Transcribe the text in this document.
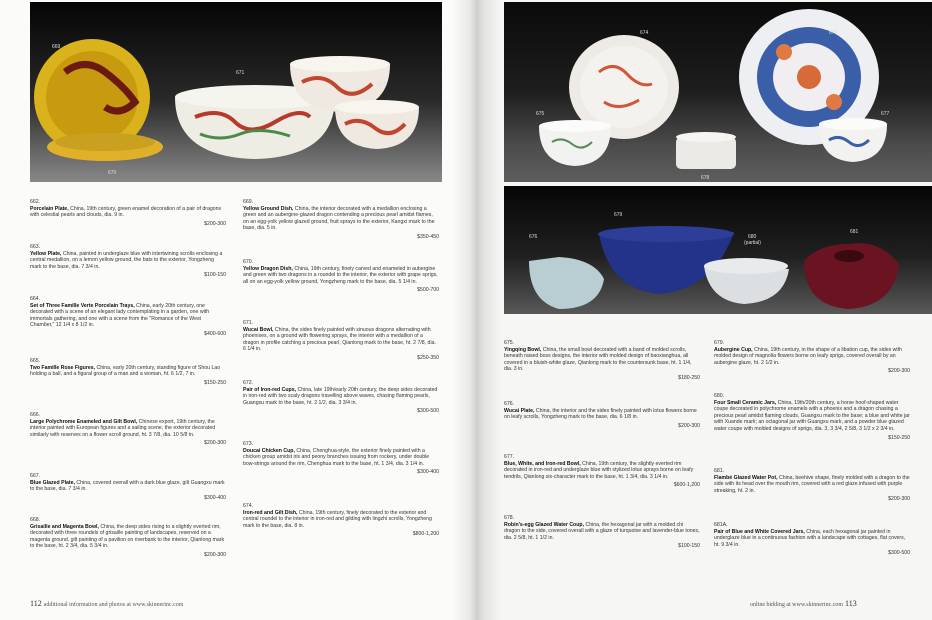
669
671
672
670
662.
Porcelain Plate, China, 19th century, green enamel decoration of a pair of dragons with celestial pearls and clouds, dia. 9 in.
$200-300
663.
Yellow Plate, China, painted in underglaze blue with intertwining scrolls enclosing a central medallion, on a lemon yellow ground, the bats to the exterior, Yongzheng mark to the base, dia. 7 3/4 in.
$100-150
664.
Set of Three Famille Verte Porcelain Trays, China, early 20th century, one decorated with a scene of an elegant lady contemplating in a garden, one with immortals gathering, and one with a scene from the "Romance of the West Chamber," 12 1/4 x 8 1/2 in.
$400-600
665.
Two Famille Rose Figures, China, early 20th century, standing figure of Shou Lao holding a ball, and a figural group of a man and a woman, ht. 6 1/2, 7 in.
$150-250
666.
Large Polychrome Enameled and Gilt Bowl, Chinese export, 19th century, the interior painted with European figures and a sailing scene, the exterior decorated similarly with reserves on a flower scroll ground, ht. 3 7/8, dia. 10 5/8 in.
$200-300
667.
Blue Glazed Plate, China, covered overall with a dark blue glaze, gilt Guangxu mark to the base, dia. 7 3/4 in.
$300-400
668.
Grisaille and Magenta Bowl, China, the deep sides rising to a slightly everted rim, decorated with three roundels of grisaille painting of landscapes, reserved on a magenta ground, gilt painting of a pavilion on riverbank to the interior, Qianlong mark to the base, ht. 2 3/4, dia. 5 3/4 in.
$200-300
669.
Yellow Ground Dish, China, the interior decorated with a medallion enclosing a green and an aubergine-glazed dragon contending a precious pearl amidst flames, on an egg-yolk yellow glazed ground, fruit sprays to the exterior, Kangxi mark to the base, dia. 5 in.
$350-450
670.
Yellow Dragon Dish, China, 19th century, finely carved and enameled in aubergine and green with two dragons in a roundel to the interior, the exterior with grape sprigs, all on an egg-yolk yellow ground, Yongzheng mark to the base, dia. 5 1/4 in.
$500-700
671.
Wucai Bowl, China, the sides finely painted with sinuous dragons alternating with phoenixes, on a ground with flowering sprays, the interior with a medallion of a dragon in profile catching a precious pearl, Qianlong mark to the base, ht. 2 7/8, dia. 6 1/4 in.
$250-350
672.
Pair of Iron-red Cups, China, late 19th/early 20th century, the deep sides decorated in iron-red with two scaly dragons travelling above waves, chasing flaming pearls, Guangxu mark to the base, ht. 2 1/2, dia. 3 3/4 in.
$300-500
673.
Doucai Chicken Cup, China, Chenghua-style, the exterior finely painted with a chicken group amidst iris and peony branches issuing from rockery, under double bow-strings around the rim, Chenghua mark to the base, ht. 1 3/4, dia. 3 1/4 in.
$300-400
674.
Iron-red and Gilt Dish, China, 19th century, finely decorated to the exterior and central roundel to the interior in iron-red and gilding with lingzhi scrolls, Yongzheng mark to the base, dia. 8 in.
$800-1,200
112 additional information and photos at www.skinnerinc.com
674	676
675	677
678
679
676	680
(partial)
681
675.
Yingqing Bowl, China, the small bowl decorated with a band of molded scrolls, beneath raised boss designs, the interior with molded design of baoxianghua, all covered in a bluish-white glaze, Qianlong mark to the countersunk base, ht. 1 1/4, dia. 3 in.
$180-250
676.
Wucai Plate, China, the interior and the sides finely painted with lotus flowers borne on leafy scrolls, Yongzheng mark to the base, dia. 6 1/8 in.
$200-300
677.
Blue, White, and Iron-red Bowl, China, 19th century, the slightly everted rim decorated in iron-red and underglaze blue with stylized lotus sprays borne on leafy tendrils, Qianlong six-character mark to the base, ht. 1 3/4, dia. 3 1/4 in.
$600-1,200
678.
Robin's-egg Glazed Water Coup, China, the hexagonal jar with a molded chi dragon to the side, covered overall with a glaze of turquoise and lavender-blue tones, dia. 2 5/8, ht. 1 1/2 in.
$100-150
679.
Aubergine Cup, China, 19th century, in the shape of a libation cup, the sides with molded design of magnolia flowers borne on leafy sprigs, covered overall by an aubergine glaze, ht. 2 1/2 in.
$200-300
680.
Four Small Ceramic Jars, China, 19th/20th century, a horse hoof-shaped water coupe decorated in polychrome enamels with a phoenix and a dragon chasing a precious pearl amidst flaming clouds, Guangxu mark to the base; a blue and white jar with Xuande mark; an octagonal jar with Guangxu mark, and a powder blue glazed water coupe with molded designs of sprigs, dia. 3, 3 3/4, 2 5/8, 3 1/2 x 2 3/4 in.
$150-250
681.
Flambé Glazed Water Pot, China, beehive shape, finely molded with a dragon to the side with its head over the mouth rim, covered with a red glaze infused with purple streaking, ht. 2 in.
$200-300
681A.
Pair of Blue and White Covered Jars, China, each hexagonal jar painted in underglaze blue in a continuous fashion with a landscape with cottages, flat covers, ht. 9 3/4 in.
$300-500
online bidding at www.skinnerinc.com 113
